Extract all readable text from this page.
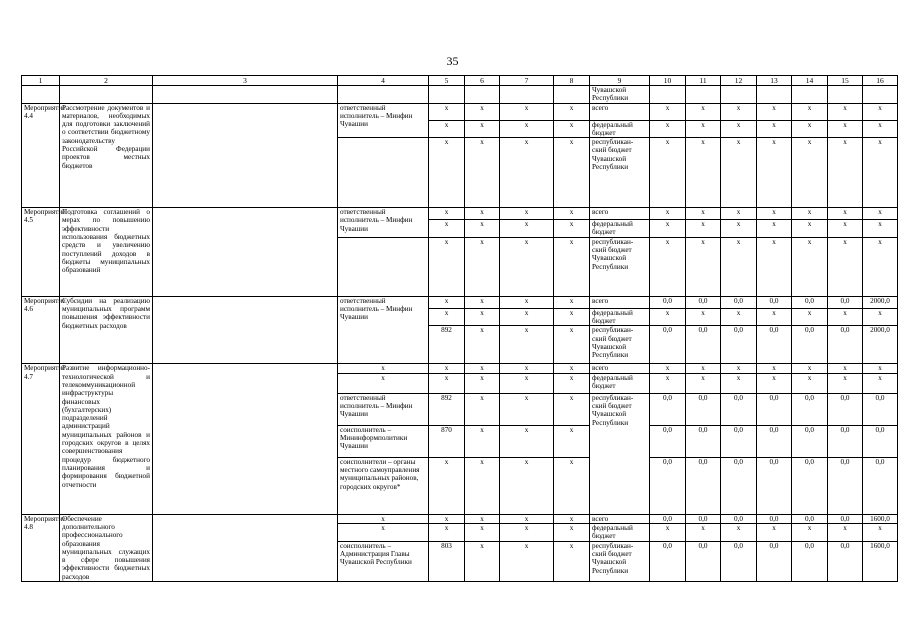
35
1	2	3	4	5	6	7	8	9	10	11	12	13	14	15	16
								Чувашской Республики							
Мероприятие 4.4	Рассмотрение документов и материалов, необходимых для подготовки заключений о соответствии бюджетному законодательству Российской Федерации проектов местных бюджетов		ответственный исполнитель – Минфин Чувашии	x	x	x	x	всего	x	x	x	x	x	x	x
				x	x	x	x	федеральный бюджет	x	x	x	x	x	x	x
				x	x	x	x	республикан-ский бюджет Чувашской Республики	x	x	x	x	x	x	x
Мероприятие 4.5	Подготовка соглашений о мерах по повышению эффективности использования бюджетных средств и увеличению поступлений доходов в бюджеты муниципальных образований		ответственный исполнитель – Минфин Чувашии	x	x	x	x	всего	x	x	x	x	x	x	x
				x	x	x	x	федеральный бюджет	x	x	x	x	x	x	x
				x	x	x	x	республикан-ский бюджет Чувашской Республики	x	x	x	x	x	x	x
Мероприятие 4.6	Субсидии на реализацию муниципальных программ повышения эффективности бюджетных расходов		ответственный исполнитель – Минфин Чувашии	x	x	x	x	всего	0,0	0,0	0,0	0,0	0,0	0,0	2000,0
				x	x	x	x	федеральный бюджет	x	x	x	x	x	x	x
				892	x	x	x	республикан-ский бюджет Чувашской Республики	0,0	0,0	0,0	0,0	0,0	0,0	2000,0
Мероприятие 4.7	Развитие информационно-технологической и телекоммуникационной инфраструктуры финансовых (бухгалтерских) подразделений администраций муниципальных районов и городских округов в целях совершенствования процедур бюджетного планирования и формирования бюджетной отчетности		x	x	x	x	x	всего	x	x	x	x	x	x	x
			x	x	x	x	x	федеральный бюджет	x	x	x	x	x	x	x
			ответственный исполнитель – Минфин Чувашии	892	x	x	x	республикан-ский бюджет Чувашской Республики	0,0	0,0	0,0	0,0	0,0	0,0	0,0
			соисполнитель – Мининформполитики Чувашии	870	x	x	x		0,0	0,0	0,0	0,0	0,0	0,0	0,0
			соисполнители – органы местного самоуправления муниципальных районов, городских округов*	x	x	x	x		0,0	0,0	0,0	0,0	0,0	0,0	0,0
Мероприятие 4.8	Обеспечение дополнительного профессионального образования муниципальных служащих в сфере повышения эффективности бюджетных расходов		x	x	x	x	x	всего	0,0	0,0	0,0	0,0	0,0	0,0	1600,0
			x	x	x	x	x	федеральный бюджет	x	x	x	x	x	x	x
			соисполнитель – Администрация Главы Чувашской Республики	803	x	x	x	республикан-ский бюджет Чувашской Республики	0,0	0,0	0,0	0,0	0,0	0,0	1600,0
